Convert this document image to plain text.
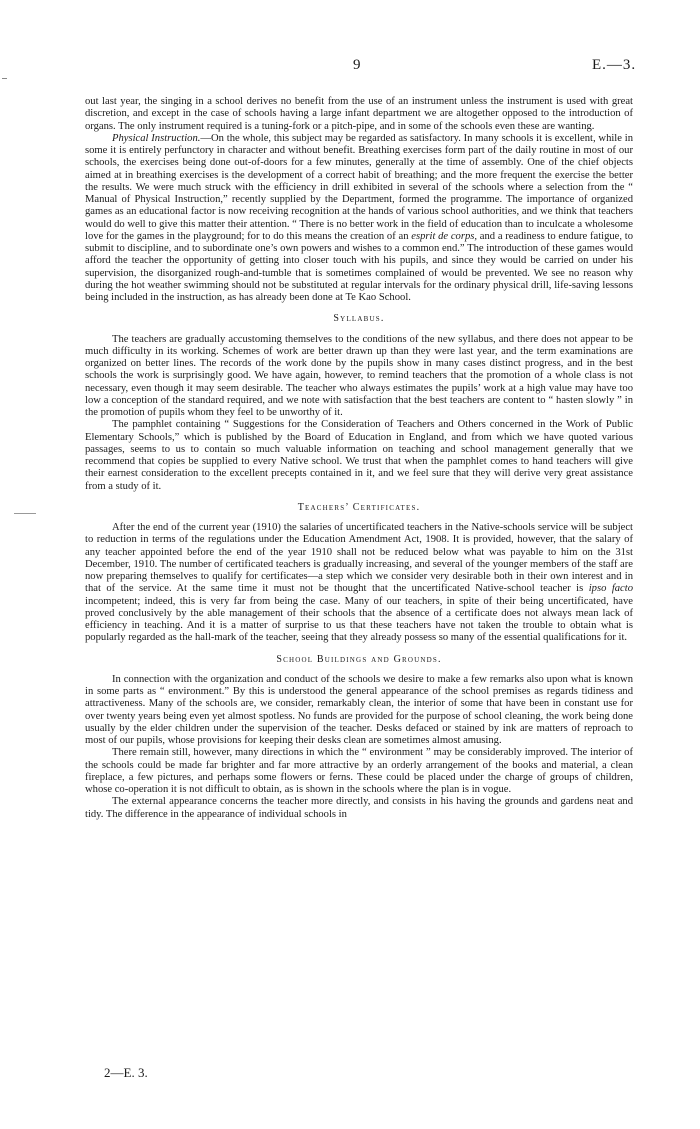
9	E.—3.

out last year, the singing in a school derives no benefit from the use of an instrument unless the instrument is used with great discretion, and except in the case of schools having a large infant department we are altogether opposed to the introduction of organs. The only instrument required is a tuning-fork or a pitch-pipe, and in some of the schools even these are wanting.

Physical Instruction.—On the whole, this subject may be regarded as satisfactory. In many schools it is excellent, while in some it is entirely perfunctory in character and without benefit. Breathing exercises form part of the daily routine in most of our schools, the exercises being done out-of-doors for a few minutes, generally at the time of assembly. One of the chief objects aimed at in breathing exercises is the development of a correct habit of breathing; and the more frequent the exercise the better the results. We were much struck with the efficiency in drill exhibited in several of the schools where a selection from the “ Manual of Physical Instruction,” recently supplied by the Department, formed the programme. The importance of organized games as an educational factor is now receiving recognition at the hands of various school authorities, and we think that teachers would do well to give this matter their attention. “ There is no better work in the field of education than to inculcate a wholesome love for the games in the playground; for to do this means the creation of an esprit de corps, and a readiness to endure fatigue, to submit to discipline, and to subordinate one’s own powers and wishes to a common end.” The introduction of these games would afford the teacher the opportunity of getting into closer touch with his pupils, and since they would be carried on under his supervision, the disorganized rough-and-tumble that is sometimes complained of would be prevented. We see no reason why during the hot weather swimming should not be substituted at regular intervals for the ordinary physical drill, life-saving lessons being included in the instruction, as has already been done at Te Kao School.

Syllabus.

The teachers are gradually accustoming themselves to the conditions of the new syllabus, and there does not appear to be much difficulty in its working. Schemes of work are better drawn up than they were last year, and the term examinations are organized on better lines. The records of the work done by the pupils show in many cases distinct progress, and in the best schools the work is surprisingly good. We have again, however, to remind teachers that the promotion of a whole class is not necessary, even though it may seem desirable. The teacher who always estimates the pupils’ work at a high value may have too low a conception of the standard required, and we note with satisfaction that the best teachers are content to “ hasten slowly ” in the promotion of pupils whom they feel to be unworthy of it.

The pamphlet containing “ Suggestions for the Consideration of Teachers and Others concerned in the Work of Public Elementary Schools,” which is published by the Board of Education in England, and from which we have quoted various passages, seems to us to contain so much valuable information on teaching and school management generally that we recommend that copies be supplied to every Native school. We trust that when the pamphlet comes to hand teachers will give their earnest consideration to the excellent precepts contained in it, and we feel sure that they will derive very great assistance from a study of it.

Teachers’ Certificates.

After the end of the current year (1910) the salaries of uncertificated teachers in the Native-schools service will be subject to reduction in terms of the regulations under the Education Amendment Act, 1908. It is provided, however, that the salary of any teacher appointed before the end of the year 1910 shall not be reduced below what was payable to him on the 31st December, 1910. The number of certificated teachers is gradually increasing, and several of the younger members of the staff are now preparing themselves to qualify for certificates—a step which we consider very desirable both in their own interest and in that of the service. At the same time it must not be thought that the uncertificated Native-school teacher is ipso facto incompetent; indeed, this is very far from being the case. Many of our teachers, in spite of their being uncertificated, have proved conclusively by the able management of their schools that the absence of a certificate does not always mean lack of efficiency in teaching. And it is a matter of surprise to us that these teachers have not taken the trouble to obtain what is popularly regarded as the hall-mark of the teacher, seeing that they already possess so many of the essential qualifications for it.

School Buildings and Grounds.

In connection with the organization and conduct of the schools we desire to make a few remarks also upon what is known in some parts as “ environment.” By this is understood the general appearance of the school premises as regards tidiness and attractiveness. Many of the schools are, we consider, remarkably clean, the interior of some that have been in constant use for over twenty years being even yet almost spotless. No funds are provided for the purpose of school cleaning, the work being done usually by the elder children under the supervision of the teacher. Desks defaced or stained by ink are matters of reproach to most of our pupils, whose provisions for keeping their desks clean are sometimes almost amusing.

There remain still, however, many directions in which the “ environment ” may be considerably improved. The interior of the schools could be made far brighter and far more attractive by an orderly arrangement of the books and material, a clean fireplace, a few pictures, and perhaps some flowers or ferns. These could be placed under the charge of groups of children, whose co-operation it is not difficult to obtain, as is shown in the schools where the plan is in vogue.

The external appearance concerns the teacher more directly, and consists in his having the grounds and gardens neat and tidy. The difference in the appearance of individual schools in

2—E. 3.
